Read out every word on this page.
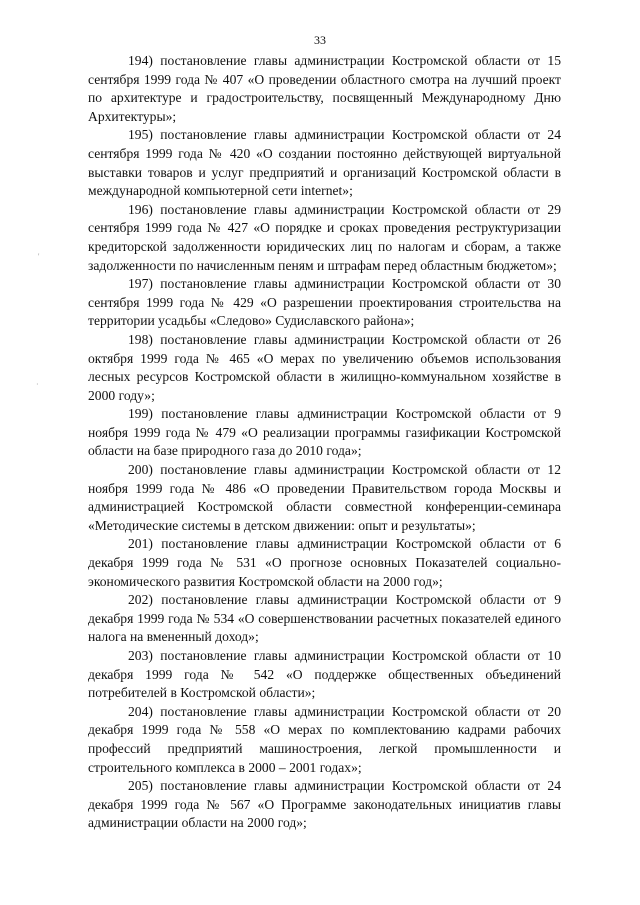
33
'
·

194) постановление главы администрации Костромской области от 15 сентября 1999 года № 407 «О проведении областного смотра на лучший проект по архитектуре и градостроительству, посвященный Международному Дню Архитектуры»;

195) постановление главы администрации Костромской области от 24 сентября 1999 года № 420 «О создании постоянно действующей виртуальной выставки товаров и услуг предприятий и организаций Костромской области в международной компьютерной сети internet»;

196) постановление главы администрации Костромской области от 29 сентября 1999 года № 427 «О порядке и сроках проведения реструктуризации кредиторской задолженности юридических лиц по налогам и сборам, а также задолженности по начисленным пеням и штрафам перед областным бюджетом»;

197) постановление главы администрации Костромской области от 30 сентября 1999 года № 429 «О разрешении проектирования строительства на территории усадьбы «Следово» Судиславского района»;

198) постановление главы администрации Костромской области от 26 октября 1999 года № 465 «О мерах по увеличению объемов использования лесных ресурсов Костромской области в жилищно-коммунальном хозяйстве в 2000 году»;

199) постановление главы администрации Костромской области от 9 ноября 1999 года № 479 «О реализации программы газификации Костромской области на базе природного газа до 2010 года»;

200) постановление главы администрации Костромской области от 12 ноября 1999 года № 486 «О проведении Правительством города Москвы и администрацией Костромской области совместной конференции-семинара «Методические системы в детском движении: опыт и результаты»;

201) постановление главы администрации Костромской области от 6 декабря 1999 года № 531 «О прогнозе основных Показателей социально-экономического развития Костромской области на 2000 год»;

202) постановление главы администрации Костромской области от 9 декабря 1999 года № 534 «О совершенствовании расчетных показателей единого налога на вмененный доход»;

203) постановление главы администрации Костромской области от 10 декабря 1999 года № 542 «О поддержке общественных объединений потребителей в Костромской области»;

204) постановление главы администрации Костромской области от 20 декабря 1999 года № 558 «О мерах по комплектованию кадрами рабочих профессий предприятий машиностроения, легкой промышленности и строительного комплекса в 2000 – 2001 годах»;

205) постановление главы администрации Костромской области от 24 декабря 1999 года № 567 «О Программе законодательных инициатив главы администрации области на 2000 год»;
